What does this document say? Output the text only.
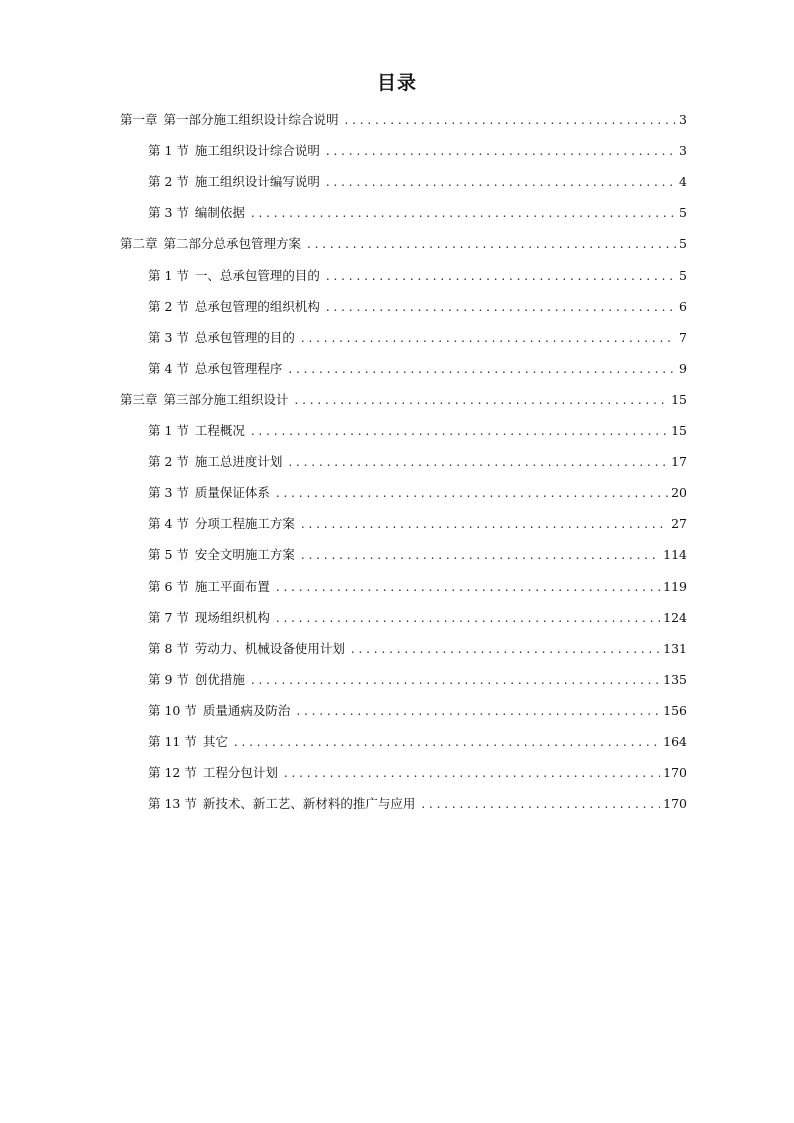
目录
第一章 第一部分施工组织设计综合说明 . . .	3
第 1 节 施工组织设计综合说明 . . .	3
第 2 节 施工组织设计编写说明 . . .	4
第 3 节 编制依据 . . .	5
第二章 第二部分总承包管理方案 . . .	5
第 1 节 一、总承包管理的目的 . . .	5
第 2 节 总承包管理的组织机构 . . .	6
第 3 节 总承包管理的目的 . . .	7
第 4 节 总承包管理程序 . . .	9
第三章 第三部分施工组织设计 . . .	15
第 1 节 工程概况 . . .	15
第 2 节 施工总进度计划 . . .	17
第 3 节 质量保证体系 . . .	20
第 4 节 分项工程施工方案 . . .	27
第 5 节 安全文明施工方案 . . .	114
第 6 节 施工平面布置 . . .	119
第 7 节 现场组织机构 . . .	124
第 8 节 劳动力、机械设备使用计划 . . .	131
第 9 节 创优措施 . . .	135
第 10 节 质量通病及防治 . . .	156
第 11 节 其它 . . .	164
第 12 节 工程分包计划 . . .	170
第 13 节 新技术、新工艺、新材料的推广与应用 . . .	170
